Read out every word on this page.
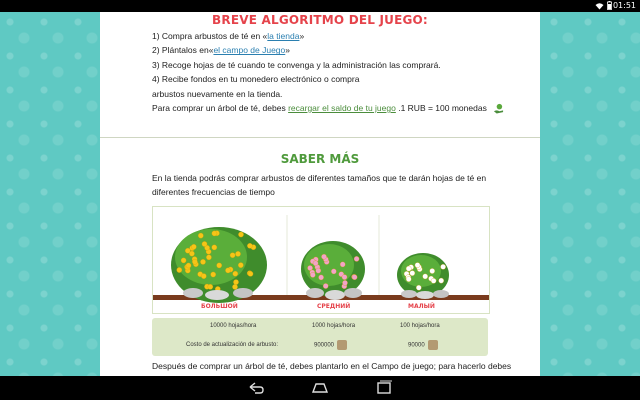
01:51
BREVE ALGORITMO DEL JUEGO:
1) Compra arbustos de té en «la tienda»
2) Plántalos en«el campo de Juego»
3) Recoge hojas de té cuando te convenga y la administración las comprará.
4) Recibe fondos en tu monedero electrónico o compra
arbustos nuevamente en la tienda.
Para comprar un árbol de té, debes recargar el saldo de tu juego .1 RUB = 100 monedas
SABER MÁS
En la tienda podrás comprar arbustos de diferentes tamaños que te darán hojas de té en diferentes frecuencias de tiempo
БОЛЬШОЙ	СРЕДНИЙ	МАЛЫЙ
10000 hojas/hora	1000 hojas/hora	100 hojas/hora
Costo de actualización de arbusto:	900000	90000
Después de comprar un árbol de té, debes plantarlo en el Campo de juego; para hacerlo debes
